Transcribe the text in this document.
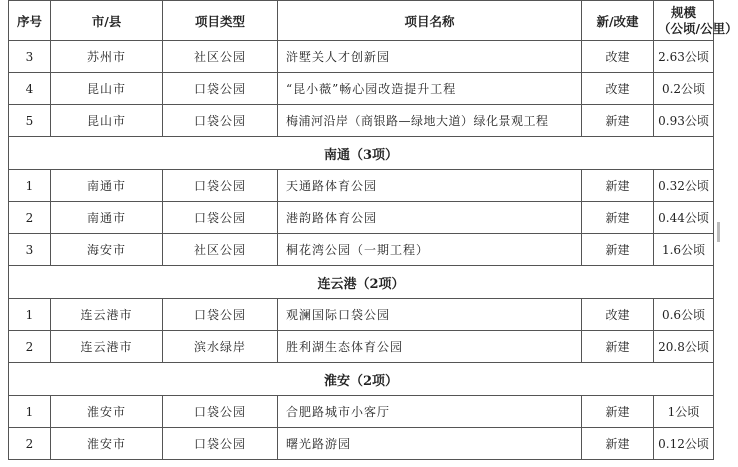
序号	市/县	项目类型	项目名称	新/改建	规模
（公顷/公里）

3	苏州市	社区公园	浒墅关人才创新园	改建	2.63公顷
4	昆山市	口袋公园	“昆小薇”畅心园改造提升工程	改建	0.2公顷
5	昆山市	口袋公园	梅浦河沿岸（商银路—绿地大道）绿化景观工程	新建	0.93公顷
南通（3项）					
1	南通市	口袋公园	天通路体育公园	新建	0.32公顷
2	南通市	口袋公园	港韵路体育公园	新建	0.44公顷
3	海安市	社区公园	桐花湾公园（一期工程）	新建	1.6公顷
连云港（2项）					
1	连云港市	口袋公园	观澜国际口袋公园	改建	0.6公顷
2	连云港市	滨水绿岸	胜利湖生态体育公园	新建	20.8公顷
淮安（2项）					
1	淮安市	口袋公园	合肥路城市小客厅	新建	1公顷
2	淮安市	口袋公园	曙光路游园	新建	0.12公顷
